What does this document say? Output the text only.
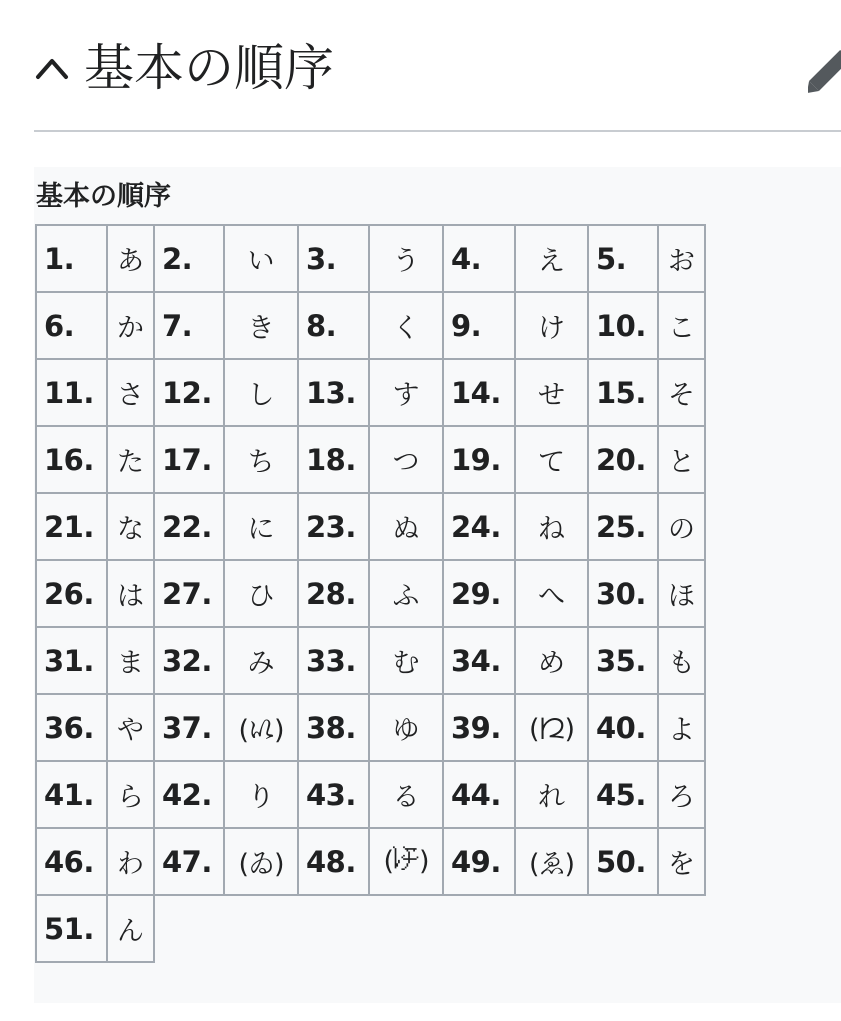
基本の順序
基本の順序
1.	あ	2.	い	3.	う	4.	え	5.	お
6.	か	7.	き	8.	く	9.	け	10.	こ
11.	さ	12.	し	13.	す	14.	せ	15.	そ
16.	た	17.	ち	18.	つ	19.	て	20.	と
21.	な	22.	に	23.	ぬ	24.	ね	25.	の
26.	は	27.	ひ	28.	ふ	29.	へ	30.	ほ
31.	ま	32.	み	33.	む	34.	め	35.	も
36.	や	37.	(𛀆)	38.	ゆ	39.	(𛀁)	40.	よ
41.	ら	42.	り	43.	る	44.	れ	45.	ろ
46.	わ	47.	(ゐ)	48.	(𛄟)	49.	(ゑ)	50.	を
51.	ん								
